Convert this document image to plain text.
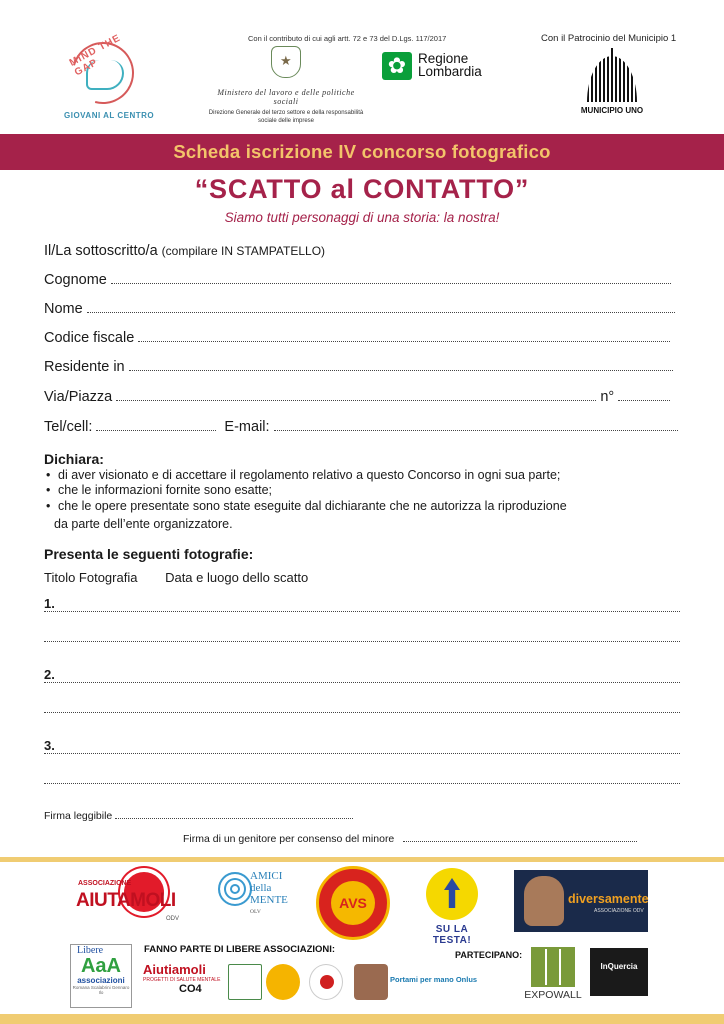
MIND THE GAP
GIOVANI AL CENTRO
Con il contributo di cui agli artt. 72 e 73 del D.Lgs. 117/2017
★
Ministero del lavoro e delle politiche sociali
Direzione Generale del terzo settore e della responsabilità sociale delle imprese
✿ Regione
Lombardia
Con il Patrocinio del Municipio 1
MUNICIPIO UNO
Scheda iscrizione IV concorso fotografico
“SCATTO al CONTATTO”
Siamo tutti personaggi di una storia: la nostra!
Il/La sottoscritto/a (compilare IN STAMPATELLO)
Cognome
Nome
Codice fiscale
Residente in
Via/Piazza	n°
Tel/cell:	E-mail:
Dichiara:
• di aver visionato e di accettare il regolamento relativo a questo Concorso in ogni sua parte;
• che le informazioni fornite sono esatte;
• che le opere presentate sono state eseguite dal dichiarante che ne autorizza la riproduzione
da parte dell’ente organizzatore.
Presenta le seguenti fotografie:
Titolo Fotografia Data e luogo dello scatto
1.
2.
3.
Firma leggibile
Firma di un genitore per consenso del minore
ASSOCIAZIONE
AIUTAMOLI
ODV
AMICI della MENTE
OLV
AVS
SU LA TESTA!
diversamente
ASSOCIAZIONE ODV
Libere
AaA
associazioni
Romana Scalabrini Gennaro Ilo
FANNO PARTE DI LIBERE ASSOCIAZIONI:
Aiutiamoli
PROGETTI DI SALUTE MENTALE
CO4
Portami per mano Onlus
PARTECIPANO:
EXPOWALL
InQuercia
